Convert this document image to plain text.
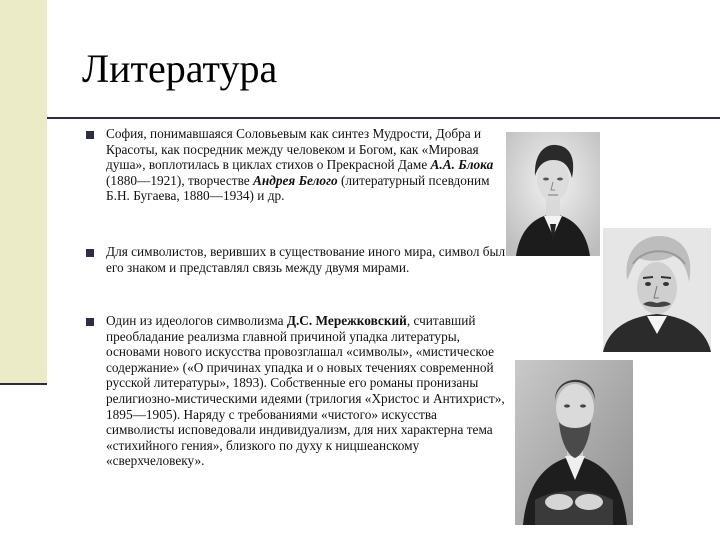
Литература
София, понимавшаяся Соловьевым как синтез Мудрости, Добра и Красоты, как посредник между человеком и Богом, как «Мировая душа», воплотилась в циклах стихов о Прекрасной Даме А.А. Блока (1880—1921), творчестве Андрея Белого (литературный псевдоним Б.Н. Бугаева, 1880—1934) и др.
Для символистов, веривших в существование иного мира, символ был его знаком и представлял связь между двумя мирами.
Один из идеологов символизма Д.С. Мережковский, считавший преобладание реализма главной причиной упадка литературы, основами нового искусства провозглашал «символы», «мистическое содержание» («О причинах упадка и о новых течениях современной русской литературы», 1893). Собственные его романы пронизаны религиозно-мистическими идеями (трилогия «Христос и Антихрист», 1895—1905). Наряду с требованиями «чистого» искусства символисты исповедовали индивидуализм, для них характерна тема «стихийного гения», близкого по духу к ницшеанскому «сверхчеловеку».
